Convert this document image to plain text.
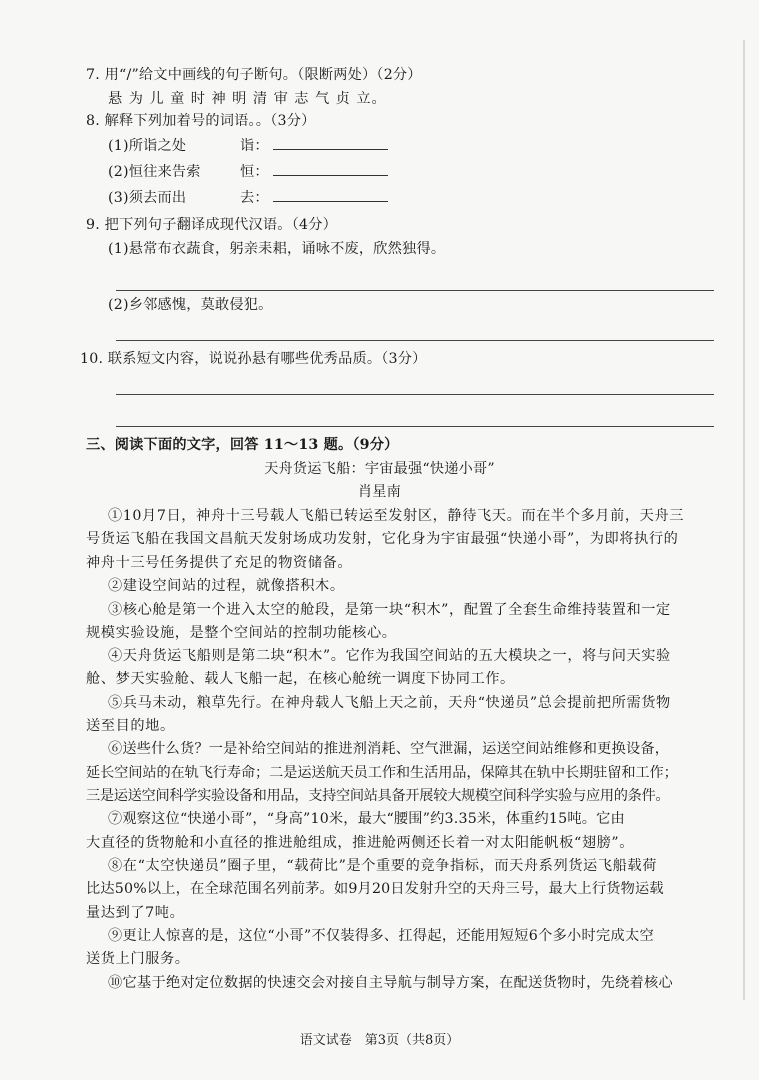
7. 用“/”给文中画线的句子断句。（限断两处）（2分）
悬 为 儿 童 时 神 明 清 审 志 气 贞 立。
8. 解释下列加着号的词语。。（3分）
(1)所诣之处	诣：
(2)恒往来告索	恒：
(3)须去而出	去：
9. 把下列句子翻译成现代汉语。（4分）
(1)悬常布衣蔬食，躬亲耒耜，诵咏不废，欣然独得。
(2)乡邻感愧，莫敢侵犯。
10. 联系短文内容，说说孙悬有哪些优秀品质。（3分）
三、阅读下面的文字，回答 11～13 题。（9分）
天舟货运飞船：宇宙最强“快递小哥”
肖星南
①10月7日，神舟十三号载人飞船已转运至发射区，静待飞天。而在半个多月前，天舟三
号货运飞船在我国文昌航天发射场成功发射，它化身为宇宙最强“快递小哥”，为即将执行的
神舟十三号任务提供了充足的物资储备。
②建设空间站的过程，就像搭积木。
③核心舱是第一个进入太空的舱段，是第一块“积木”，配置了全套生命维持装置和一定
规模实验设施，是整个空间站的控制功能核心。
④天舟货运飞船则是第二块“积木”。它作为我国空间站的五大模块之一，将与问天实验
舱、梦天实验舱、载人飞船一起，在核心舱统一调度下协同工作。
⑤兵马未动，粮草先行。在神舟载人飞船上天之前，天舟“快递员”总会提前把所需货物
送至目的地。
⑥送些什么货？一是补给空间站的推进剂消耗、空气泄漏，运送空间站维修和更换设备，
延长空间站的在轨飞行寿命；二是运送航天员工作和生活用品，保障其在轨中长期驻留和工作；
三是运送空间科学实验设备和用品，支持空间站具备开展较大规模空间科学实验与应用的条件。
⑦观察这位“快递小哥”，“身高”10米，最大“腰围”约3.35米，体重约15吨。它由
大直径的货物舱和小直径的推进舱组成，推进舱两侧还长着一对太阳能帆板“翅膀”。
⑧在“太空快递员”圈子里，“载荷比”是个重要的竞争指标，而天舟系列货运飞船载荷
比达50%以上，在全球范围名列前茅。如9月20日发射升空的天舟三号，最大上行货物运载
量达到了7吨。
⑨更让人惊喜的是，这位“小哥”不仅装得多、扛得起，还能用短短6个多小时完成太空
送货上门服务。
⑩它基于绝对定位数据的快速交会对接自主导航与制导方案，在配送货物时，先绕着核心
语文试卷　第3页（共8页）
